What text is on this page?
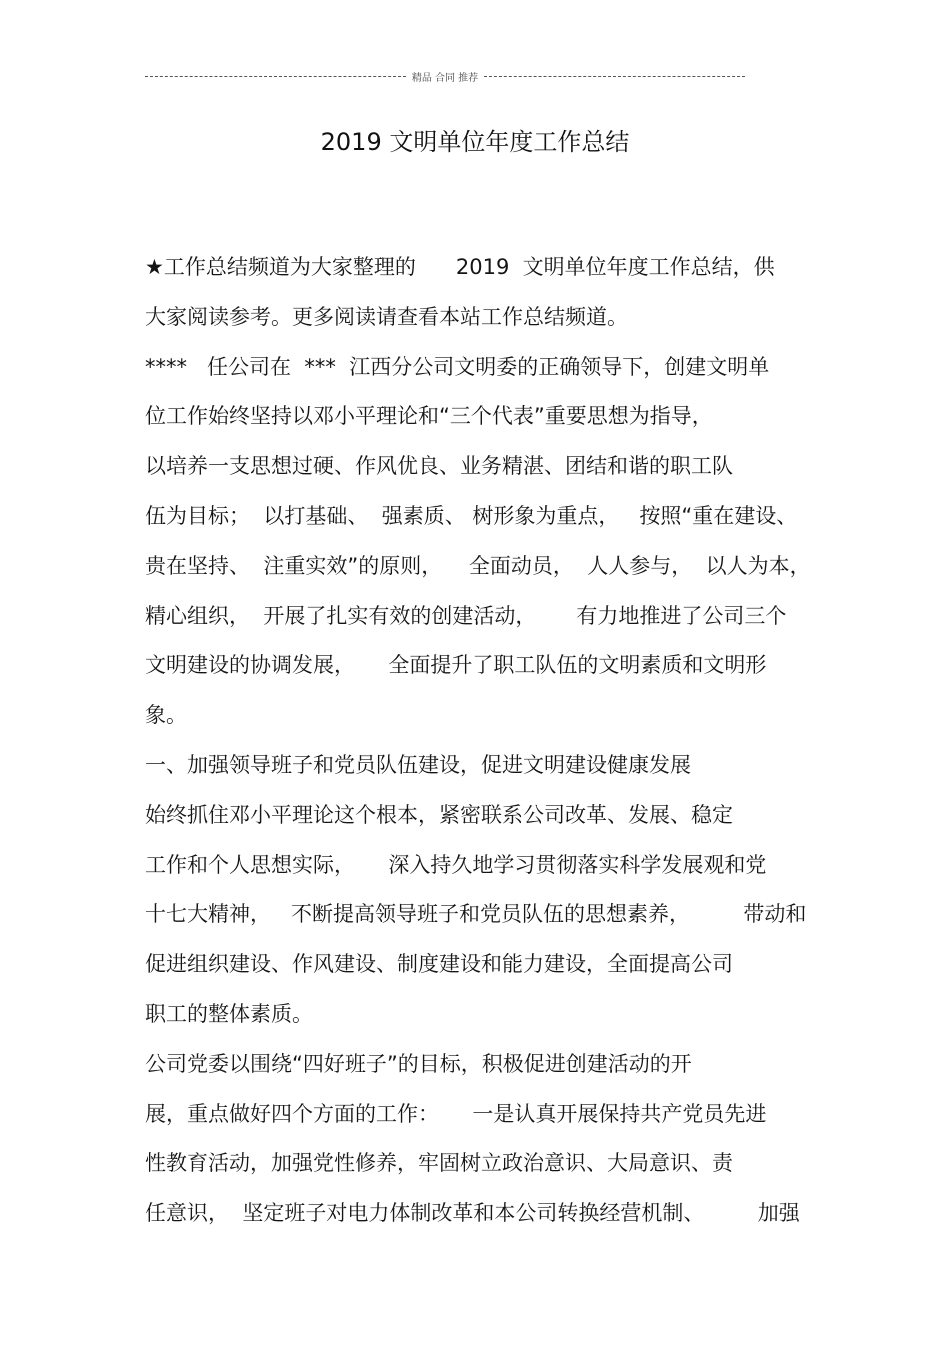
精品 合同 推荐
2019 文明单位年度工作总结
★工作总结频道为大家整理的      2019  文明单位年度工作总结，供
大家阅读参考。更多阅读请查看本站工作总结频道。
****   任公司在  ***  江西分公司文明委的正确领导下，创建文明单
位工作始终坚持以邓小平理论和“三个代表”重要思想为指导，
以培养一支思想过硬、作风优良、业务精湛、团结和谐的职工队
伍为目标；  以打基础、  强素质、 树形象为重点，   按照“重在建设、
贵在坚持、  注重实效”的原则，    全面动员，  人人参与，  以人为本，
精心组织，  开展了扎实有效的创建活动，      有力地推进了公司三个
文明建设的协调发展，     全面提升了职工队伍的文明素质和文明形
象。
一、加强领导班子和党员队伍建设，促进文明建设健康发展
始终抓住邓小平理论这个根本，紧密联系公司改革、发展、稳定
工作和个人思想实际，     深入持久地学习贯彻落实科学发展观和党
十七大精神，   不断提高领导班子和党员队伍的思想素养，        带动和
促进组织建设、作风建设、制度建设和能力建设，全面提高公司
职工的整体素质。
公司党委以围绕“四好班子”的目标，积极促进创建活动的开
展，重点做好四个方面的工作：     一是认真开展保持共产党员先进
性教育活动，加强党性修养，牢固树立政治意识、大局意识、责
任意识，  坚定班子对电力体制改革和本公司转换经营机制、        加强
